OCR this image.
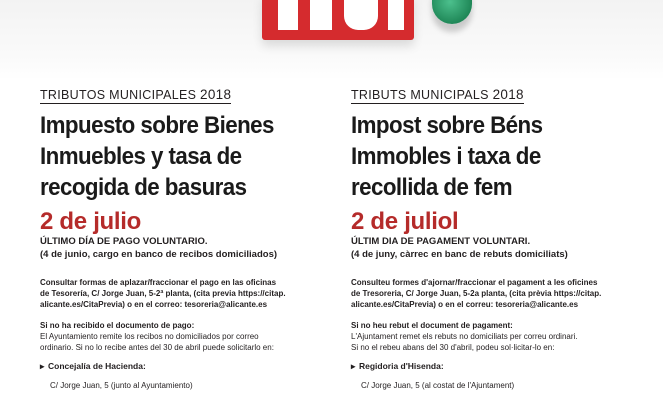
TRIBUTOS MUNICIPALES 2018
Impuesto sobre Bienes
Inmuebles y tasa de
recogida de basuras
2 de julio
ÚLTIMO DÍA DE PAGO VOLUNTARIO.
(4 de junio, cargo en banco de recibos domiciliados)
Consultar formas de aplazar/fraccionar el pago en las oficinas
de Tesorería, C/ Jorge Juan, 5-2ª planta, (cita previa https://citap.
alicante.es/CitaPrevia) o en el correo: tesoreria@alicante.es
Si no ha recibido el documento de pago:
El Ayuntamiento remite los recibos no domiciliados por correo
ordinario. Si no lo recibe antes del 30 de abril puede solicitarlo en:
▸ Concejalía de Hacienda:
C/ Jorge Juan, 5 (junto al Ayuntamiento)
TRIBUTS MUNICIPALS 2018
Impost sobre Béns
Immobles i taxa de
recollida de fem
2 de juliol
ÚLTIM DIA DE PAGAMENT VOLUNTARI.
(4 de juny, càrrec en banc de rebuts domiciliats)
Consulteu formes d'ajornar/fraccionar el pagament a les oficines
de Tresoreria, C/ Jorge Juan, 5-2a planta, (cita prèvia https://citap.
alicante.es/CitaPrevia) o en el correu: tesoreria@alicante.es
Si no heu rebut el document de pagament:
L'Ajuntament remet els rebuts no domiciliats per correu ordinari.
Si no el rebeu abans del 30 d'abril, podeu sol·licitar-lo en:
▸ Regidoria d'Hisenda:
C/ Jorge Juan, 5 (al costat de l'Ajuntament)
